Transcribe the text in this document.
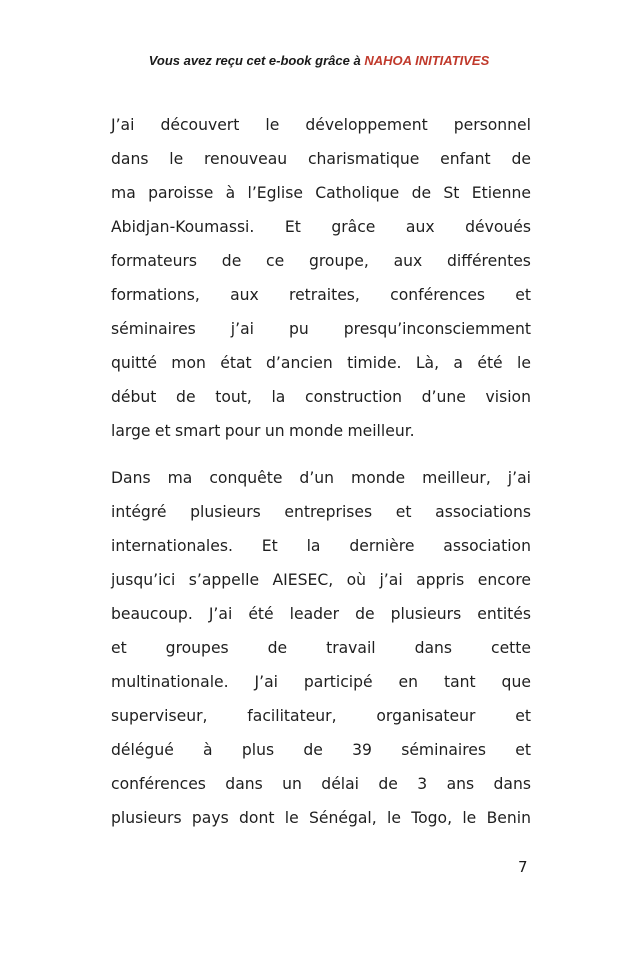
Vous avez reçu cet e-book grâce à NAHOA INITIATIVES
J’ai découvert le développement personnel
dans le renouveau charismatique enfant de
ma paroisse à l’Eglise Catholique de St Etienne
Abidjan-Koumassi. Et grâce aux dévoués
formateurs de ce groupe, aux différentes
formations, aux retraites, conférences et
séminaires j’ai pu presqu’inconsciemment
quitté mon état d’ancien timide. Là, a été le
début de tout, la construction d’une vision
large et smart pour un monde meilleur.
Dans ma conquête d’un monde meilleur, j’ai
intégré plusieurs entreprises et associations
internationales. Et la dernière association
jusqu’ici s’appelle AIESEC, où j’ai appris encore
beaucoup. J’ai été leader de plusieurs entités
et groupes de travail dans cette
multinationale. J’ai participé en tant que
superviseur,	facilitateur,	organisateur	et
délégué à plus de 39 séminaires et
conférences dans un délai de 3 ans dans
plusieurs pays dont le Sénégal, le Togo, le Benin
7
